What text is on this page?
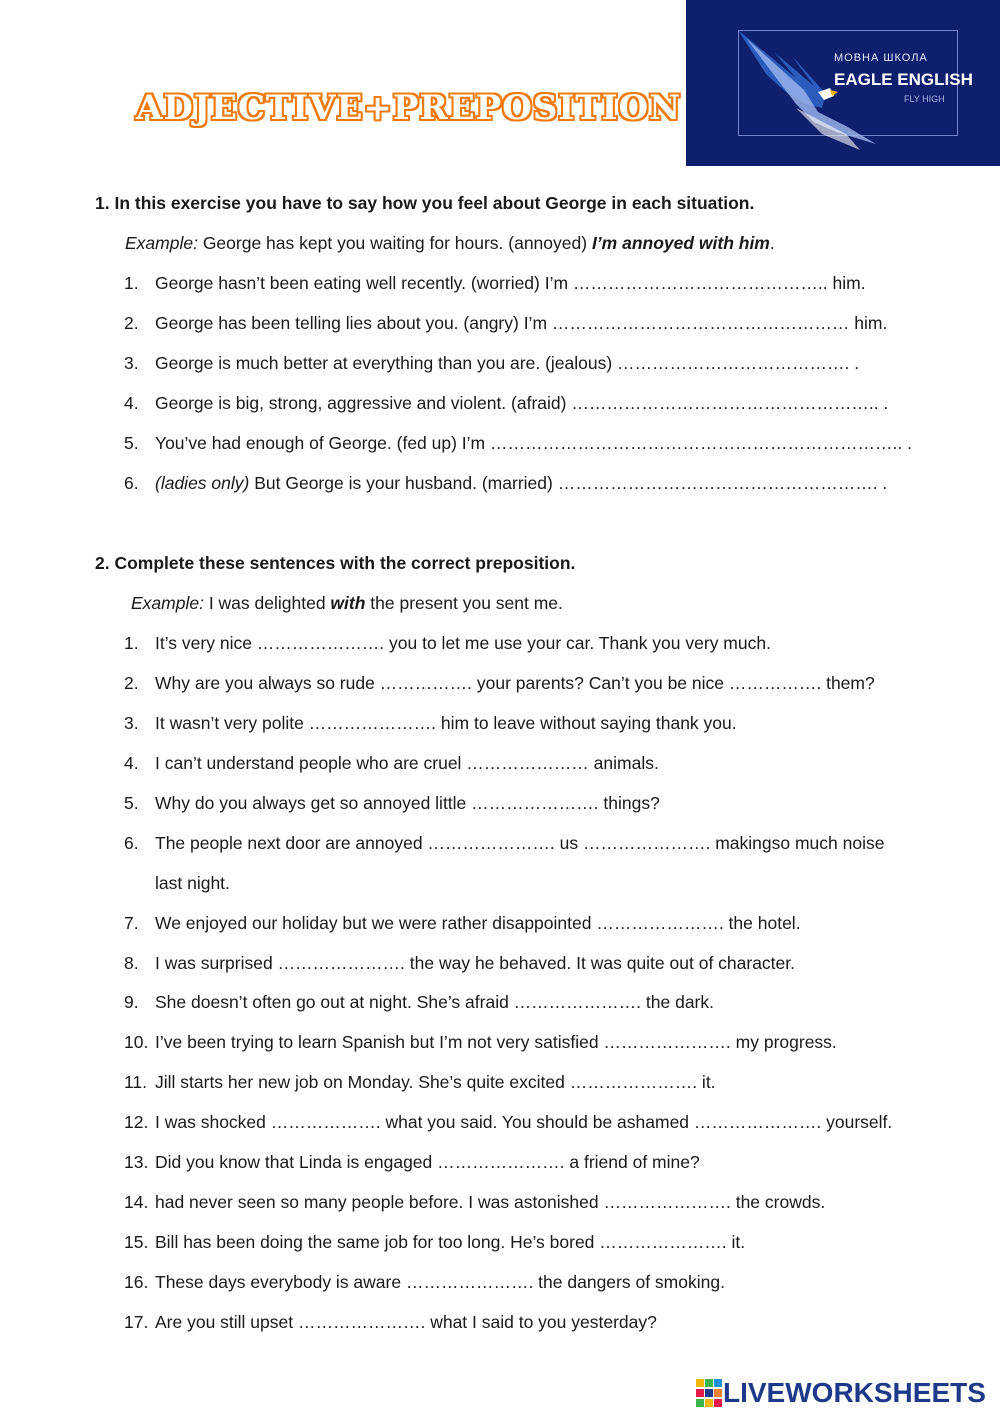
ADJECTIVE+PREPOSITION
МОВНА ШКОЛА
EAGLE ENGLISH
FLY HIGH
1. In this exercise you have to say how you feel about George in each situation.
Example: George has kept you waiting for hours. (annoyed) I’m annoyed with him.
1. George hasn’t been eating well recently. (worried) I’m …………………………………….. him.
2. George has been telling lies about you. (angry) I’m …………………………………………… him.
3. George is much better at everything than you are. (jealous) …………………………………. .
4. George is big, strong, aggressive and violent. (afraid) …………………………………………….. .
5. You’ve had enough of George. (fed up) I’m …………………………………………………………….. .
6. (ladies only) But George is your husband. (married) ………………………………………………. .
2. Complete these sentences with the correct preposition.
Example: I was delighted with the present you sent me.
1. It’s very nice …………………. you to let me use your car. Thank you very much.
2. Why are you always so rude ……………. your parents? Can’t you be nice ……………. them?
3. It wasn’t very polite …………………. him to leave without saying thank you.
4. I can’t understand people who are cruel ………………… animals.
5. Why do you always get so annoyed little …………………. things?
6. The people next door are annoyed …………………. us …………………. makingso much noise
last night.
7. We enjoyed our holiday but we were rather disappointed …………………. the hotel.
8. I was surprised …………………. the way he behaved. It was quite out of character.
9. She doesn’t often go out at night. She’s afraid …………………. the dark.
10. I’ve been trying to learn Spanish but I’m not very satisfied …………………. my progress.
11. Jill starts her new job on Monday. She’s quite excited …………………. it.
12. I was shocked ………………. what you said. You should be ashamed …………………. yourself.
13. Did you know that Linda is engaged …………………. a friend of mine?
14. had never seen so many people before. I was astonished …………………. the crowds.
15. Bill has been doing the same job for too long. He’s bored …………………. it.
16. These days everybody is aware …………………. the dangers of smoking.
17. Are you still upset …………………. what I said to you yesterday?
LIVEWORKSHEETS
